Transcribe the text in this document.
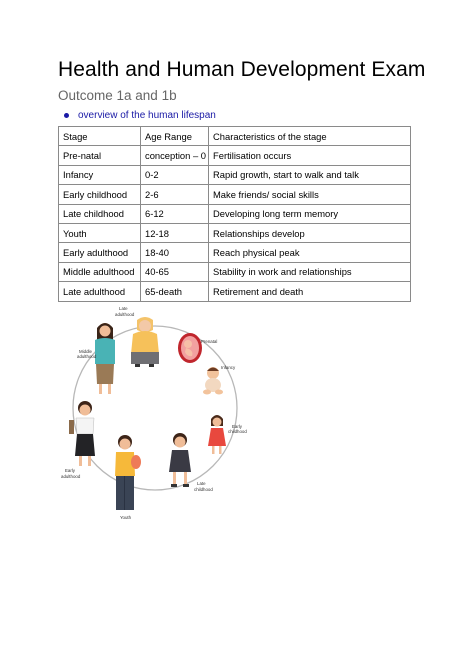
Health and Human Development Exam
Outcome 1a and 1b
overview of the human lifespan
Stage	Age Range	Characteristics of the stage
Pre-natal	conception – 0	Fertilisation occurs
Infancy	0-2	Rapid growth, start to walk and talk
Early childhood	2-6	Make friends/ social skills
Late childhood	6-12	Developing long term memory
Youth	12-18	Relationships develop
Early adulthood	18-40	Reach physical peak
Middle adulthood	40-65	Stability in work and relationships
Late adulthood	65-death	Retirement and death
Late
adulthood
Middle
adulthood
Prenatal
Infancy
Early
childhood
Late
childhood
Youth
Early
adulthood
